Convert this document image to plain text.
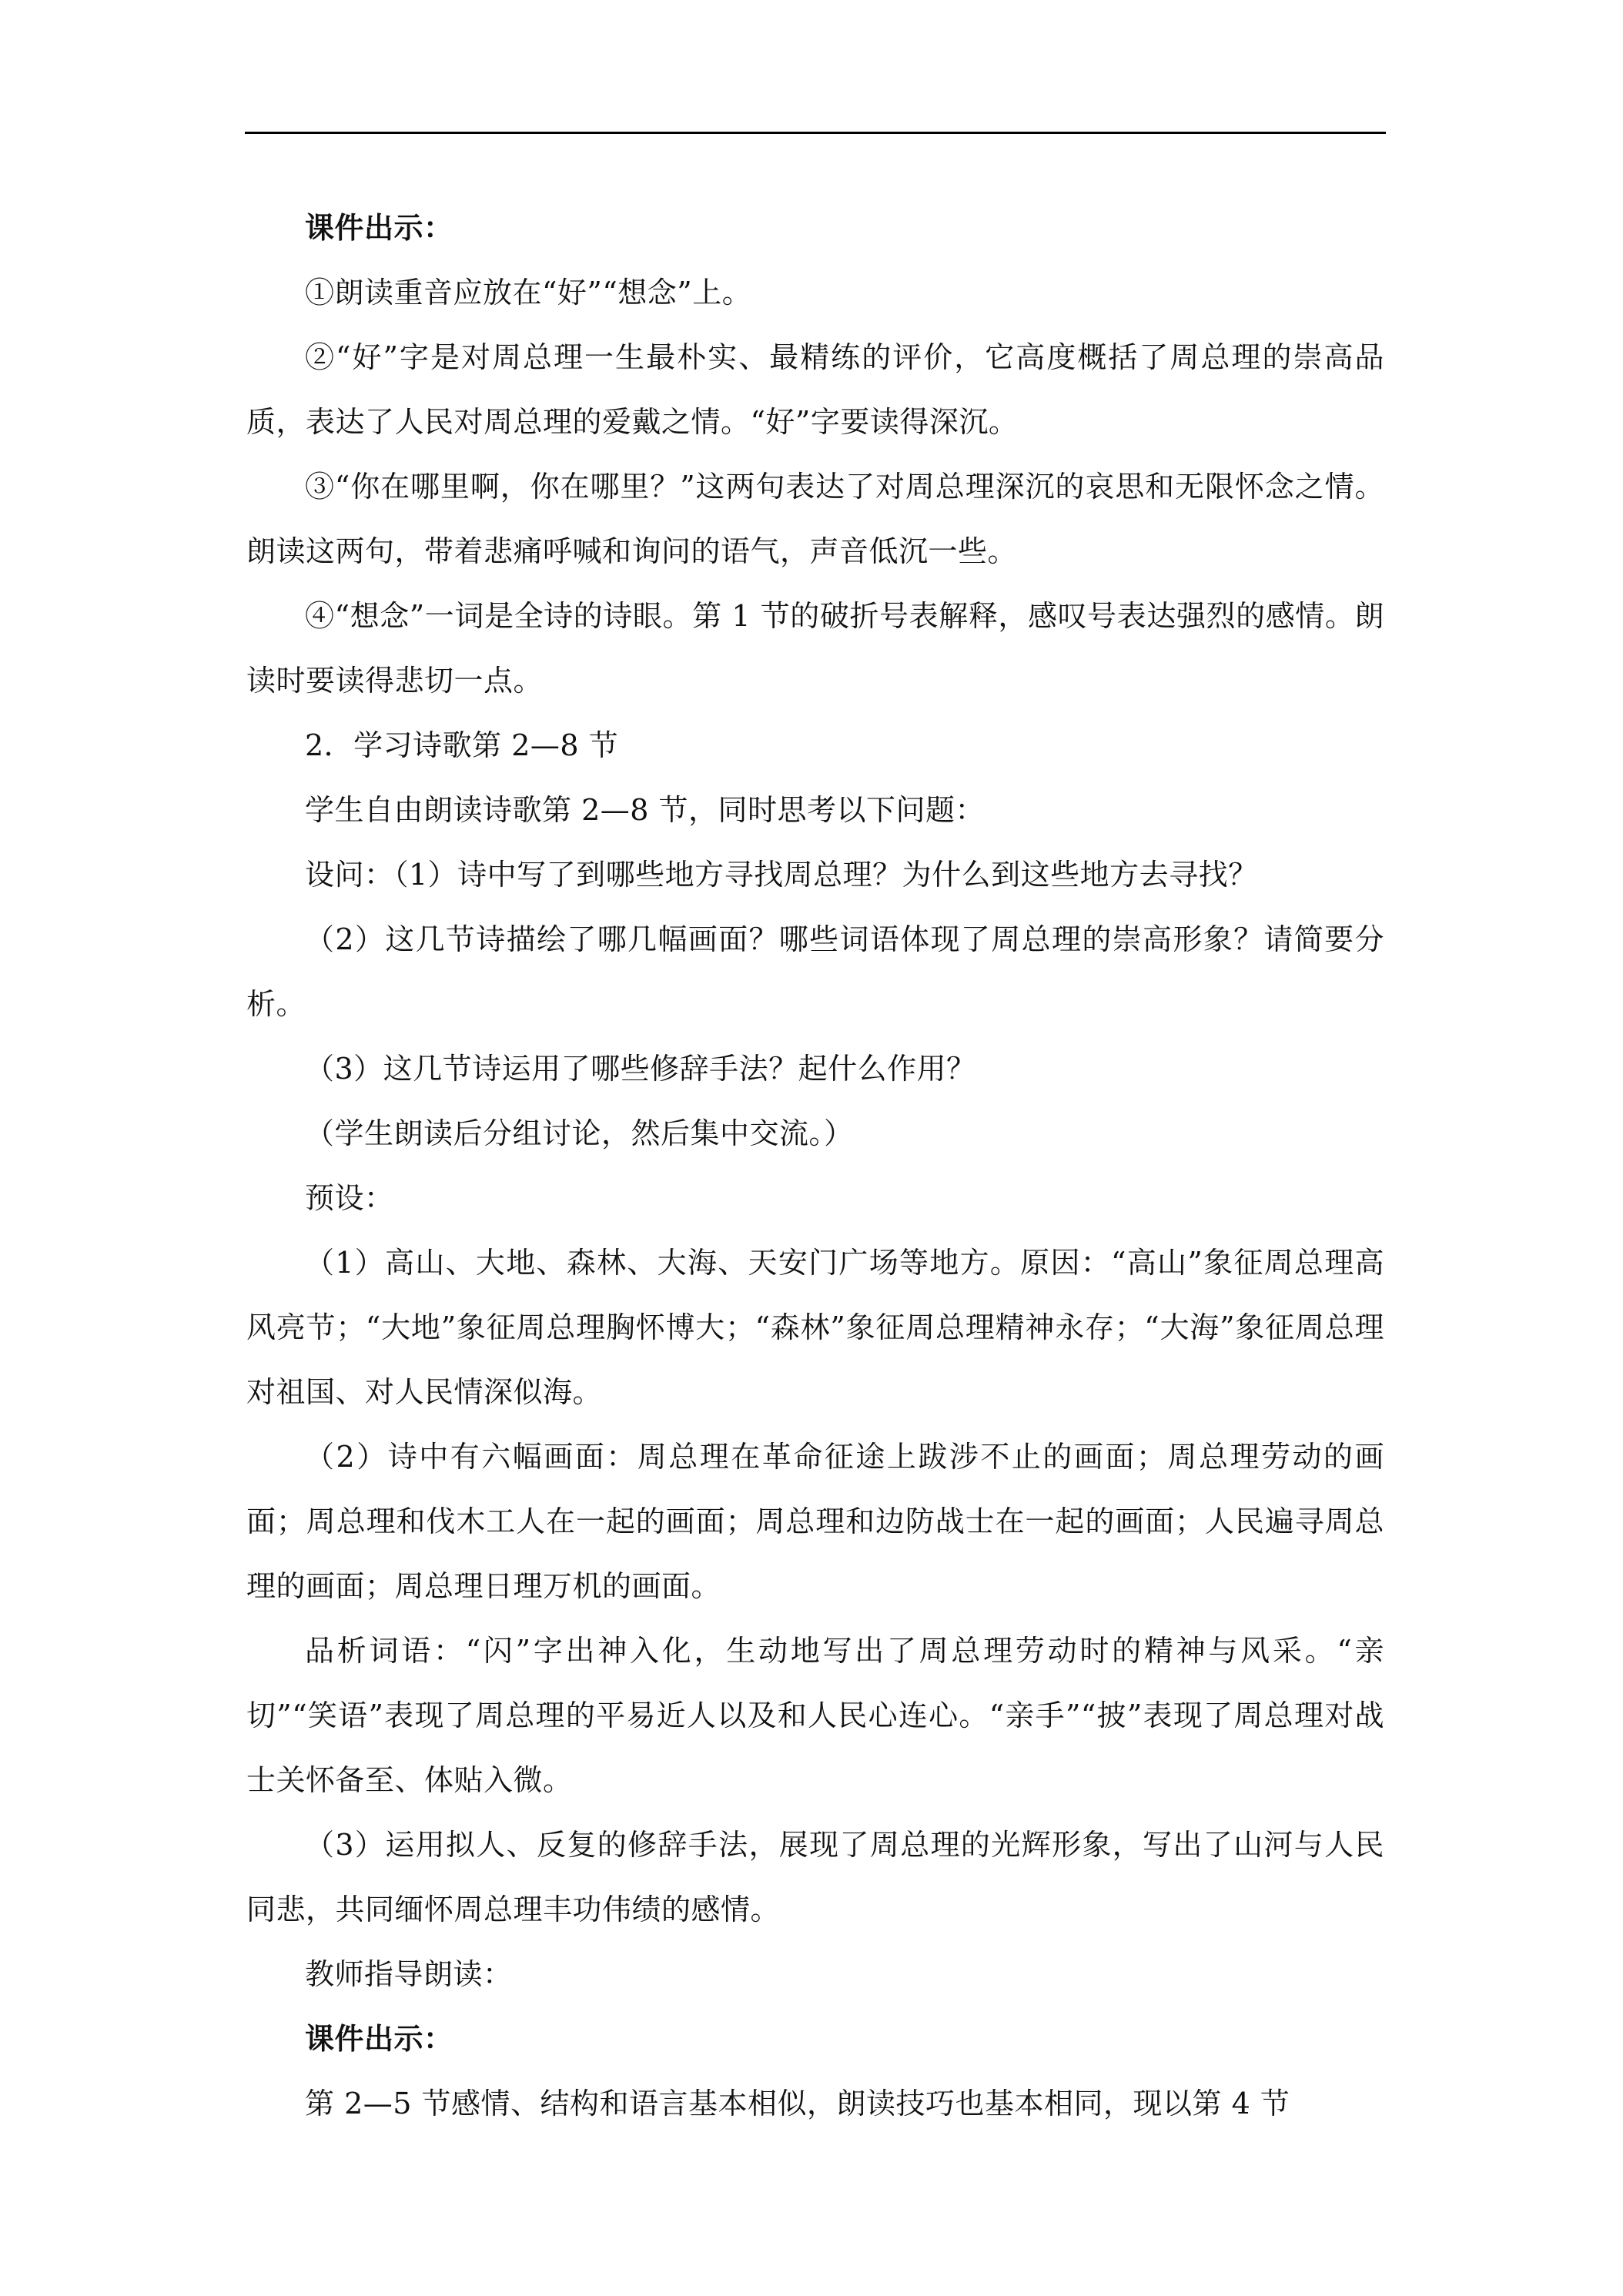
课件出示：

①朗读重音应放在“好”“想念”上。

②“好”字是对周总理一生最朴实、最精练的评价，它高度概括了周总理的崇高品质，表达了人民对周总理的爱戴之情。“好”字要读得深沉。

③“你在哪里啊，你在哪里？”这两句表达了对周总理深沉的哀思和无限怀念之情。朗读这两句，带着悲痛呼喊和询问的语气，声音低沉一些。

④“想念”一词是全诗的诗眼。第 1 节的破折号表解释，感叹号表达强烈的感情。朗读时要读得悲切一点。

2．学习诗歌第 2—8 节

学生自由朗读诗歌第 2—8 节，同时思考以下问题：

设问：（1）诗中写了到哪些地方寻找周总理？为什么到这些地方去寻找？

（2）这几节诗描绘了哪几幅画面？哪些词语体现了周总理的崇高形象？请简要分析。

（3）这几节诗运用了哪些修辞手法？起什么作用？

（学生朗读后分组讨论，然后集中交流。）

预设：

（1）高山、大地、森林、大海、天安门广场等地方。原因：“高山”象征周总理高风亮节；“大地”象征周总理胸怀博大；“森林”象征周总理精神永存；“大海”象征周总理对祖国、对人民情深似海。

（2）诗中有六幅画面：周总理在革命征途上跋涉不止的画面；周总理劳动的画面；周总理和伐木工人在一起的画面；周总理和边防战士在一起的画面；人民遍寻周总理的画面；周总理日理万机的画面。

品析词语：“闪”字出神入化，生动地写出了周总理劳动时的精神与风采。“亲切”“笑语”表现了周总理的平易近人以及和人民心连心。“亲手”“披”表现了周总理对战士关怀备至、体贴入微。

（3）运用拟人、反复的修辞手法，展现了周总理的光辉形象，写出了山河与人民同悲，共同缅怀周总理丰功伟绩的感情。

教师指导朗读：

课件出示：

第 2—5 节感情、结构和语言基本相似，朗读技巧也基本相同，现以第 4 节
